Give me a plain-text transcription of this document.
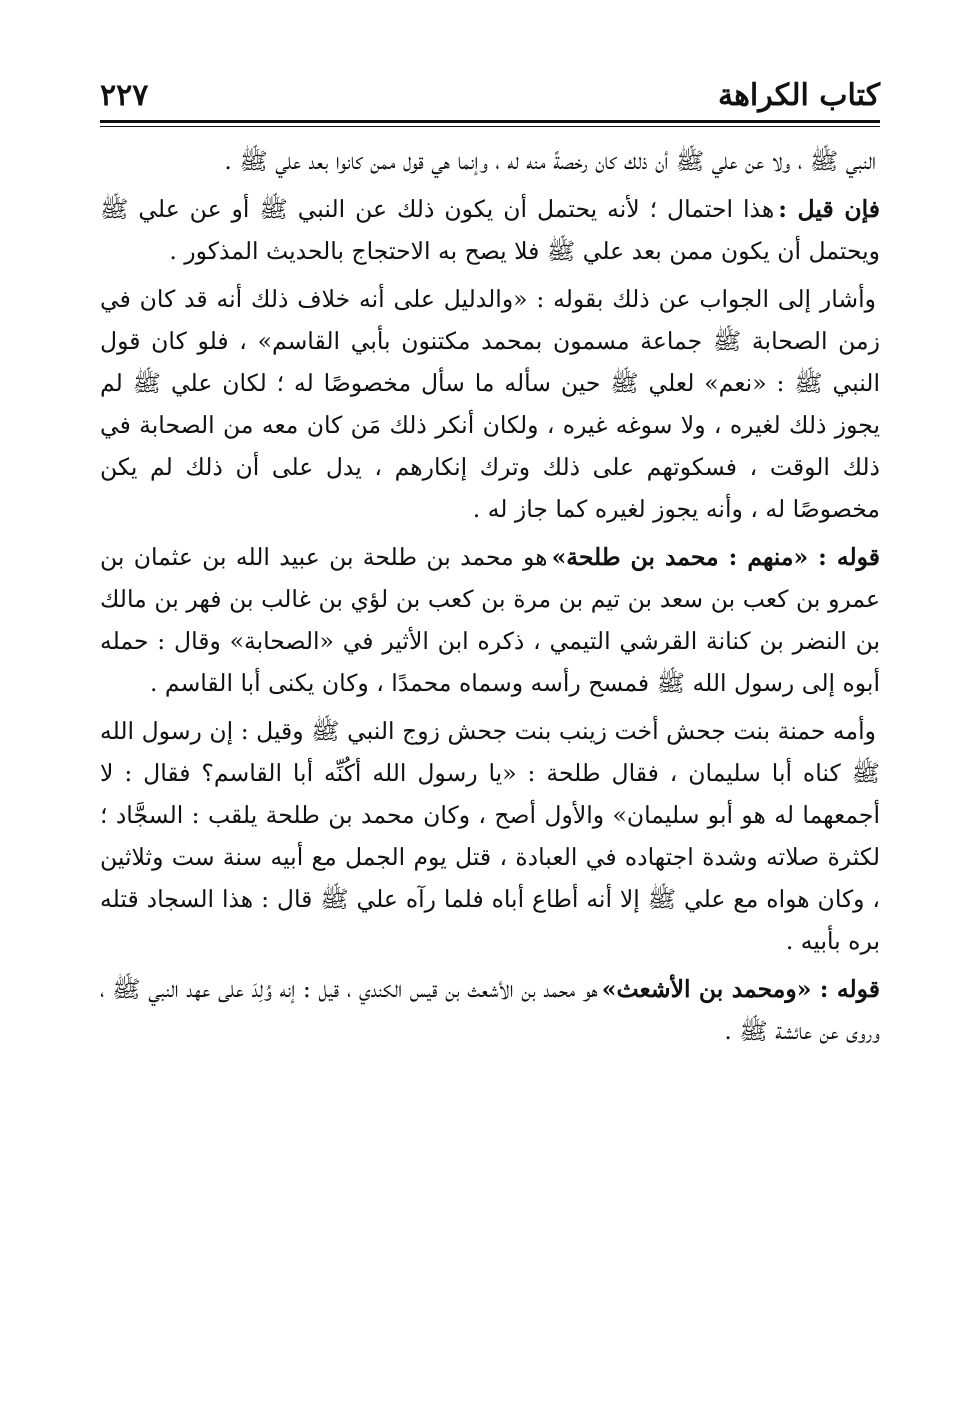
كتاب الكراهة
٢٢٧

النبي ﷺ ، ولا عن علي ﷺ أن ذلك كان رخصةً منه له ، وإنما هي قول ممن كانوا بعد علي ﷺ .

فإن قيل :هذا احتمال ؛ لأنه يحتمل أن يكون ذلك عن النبي ﷺ أو عن علي ﷺ ويحتمل أن يكون ممن بعد علي ﷺ فلا يصح به الاحتجاج بالحديث المذكور .

وأشار إلى الجواب عن ذلك بقوله : «والدليل على أنه خلاف ذلك أنه قد كان في زمن الصحابة ﷺ جماعة مسمون بمحمد مكتنون بأبي القاسم» ، فلو كان قول النبي ﷺ : «نعم» لعلي ﷺ حين سأله ما سأل مخصوصًا له ؛ لكان علي ﷺ لم يجوز ذلك لغيره ، ولا سوغه غيره ، ولكان أنكر ذلك مَن كان معه من الصحابة في ذلك الوقت ، فسكوتهم على ذلك وترك إنكارهم ، يدل على أن ذلك لم يكن مخصوصًا له ، وأنه يجوز لغيره كما جاز له .

قوله : «منهم : محمد بن طلحة»هو محمد بن طلحة بن عبيد الله بن عثمان بن عمرو بن كعب بن سعد بن تيم بن مرة بن كعب بن لؤي بن غالب بن فهر بن مالك بن النضر بن كنانة القرشي التيمي ، ذكره ابن الأثير في «الصحابة» وقال : حمله أبوه إلى رسول الله ﷺ فمسح رأسه وسماه محمدًا ، وكان يكنى أبا القاسم .

وأمه حمنة بنت جحش أخت زينب بنت جحش زوج النبي ﷺ وقيل : إن رسول الله ﷺ كناه أبا سليمان ، فقال طلحة : «يا رسول الله أكُنِّه أبا القاسم؟ فقال : لا أجمعهما له هو أبو سليمان» والأول أصح ، وكان محمد بن طلحة يلقب : السجَّاد ؛ لكثرة صلاته وشدة اجتهاده في العبادة ، قتل يوم الجمل مع أبيه سنة ست وثلاثين ، وكان هواه مع علي ﷺ إلا أنه أطاع أباه فلما رآه علي ﷺ قال : هذا السجاد قتله بره بأبيه .

قوله : «ومحمد بن الأشعث»هو محمد بن الأشعث بن قيس الكندي ، قيل : إنه وُلِدَ على عهد النبي ﷺ ، وروى عن عائشة ﷺ .
